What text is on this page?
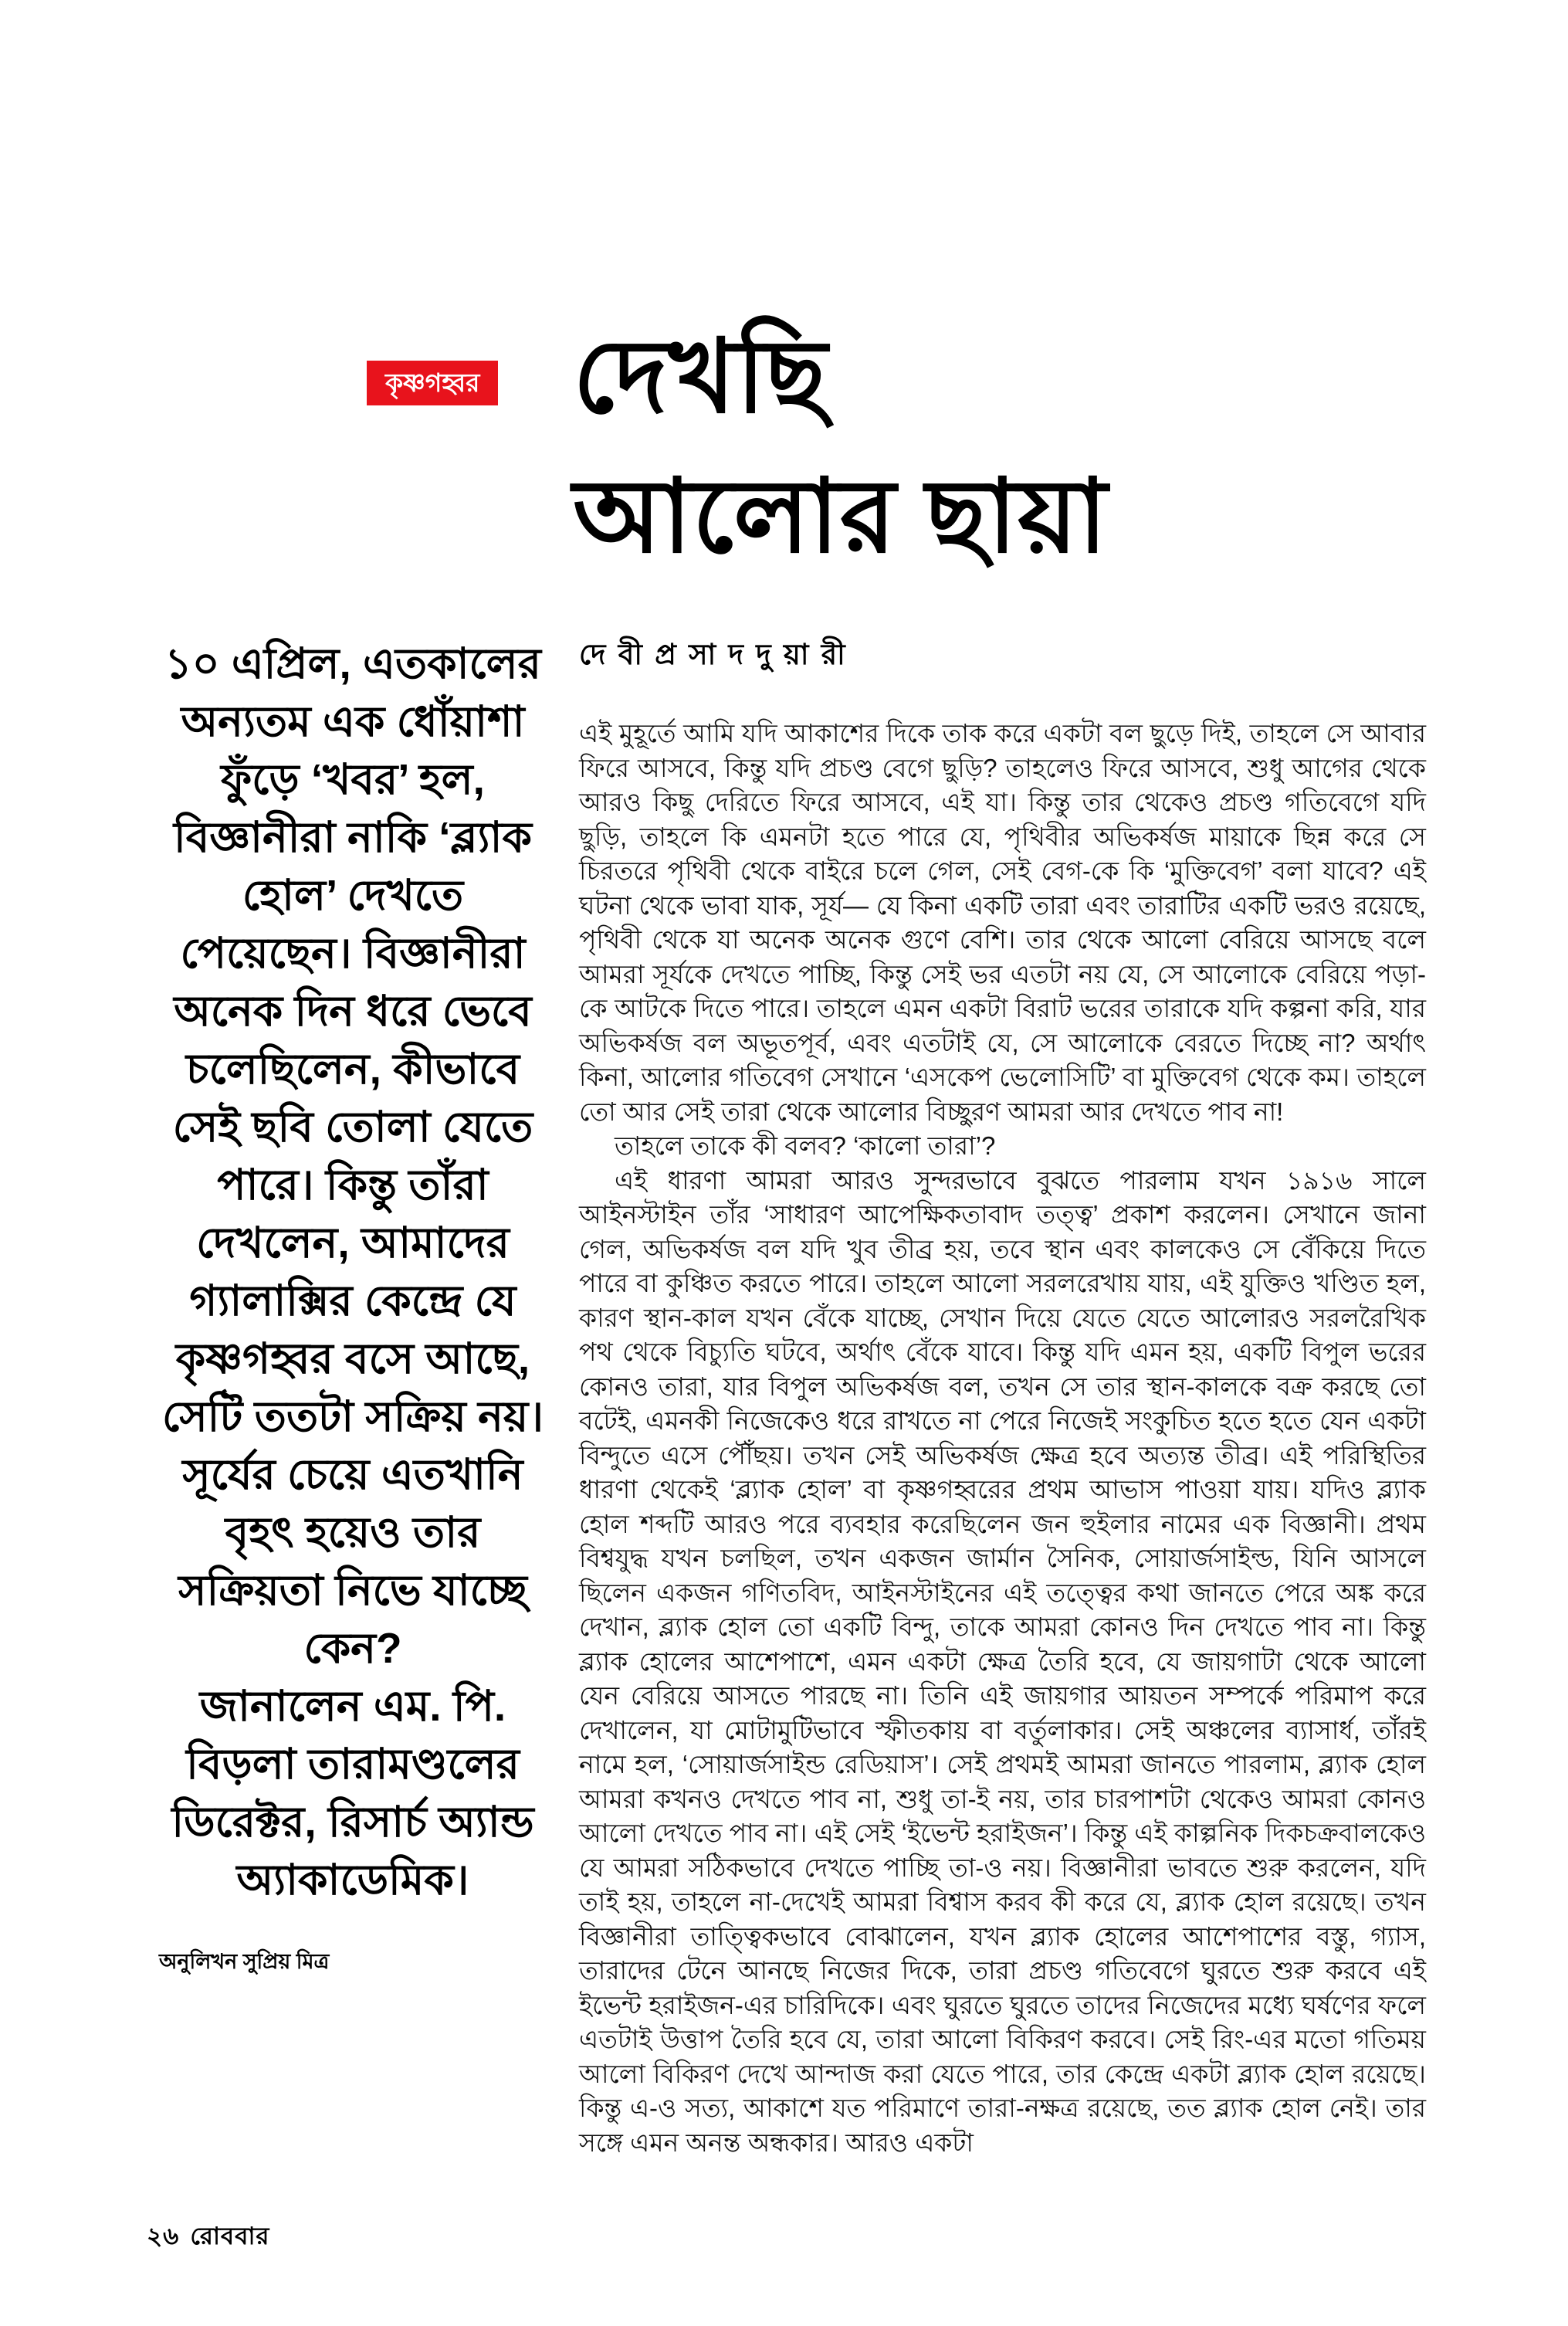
কৃষ্ণগহ্বর দেখছি
আলোর ছায়া
দে বী প্র সা দ দু য়া রী

১০ এপ্রিল, এতকালের অন্যতম এক ধোঁয়াশা ফুঁড়ে ‘খবর’ হল, বিজ্ঞানীরা নাকি ‘ব্ল্যাক হোল’ দেখতে পেয়েছেন। বিজ্ঞানীরা অনেক দিন ধরে ভেবে চলেছিলেন, কীভাবে সেই ছবি তোলা যেতে পারে। কিন্তু তাঁরা দেখলেন, আমাদের গ্যালাক্সির কেন্দ্রে যে কৃষ্ণগহ্বর বসে আছে, সেটি ততটা সক্রিয় নয়। সূর্যের চেয়ে এতখানি বৃহৎ হয়েও তার সক্রিয়তা নিভে যাচ্ছে কেন?

জানালেন এম. পি. বিড়লা তারামণ্ডলের ডিরেক্টর, রিসার্চ অ্যান্ড অ্যাকাডেমিক।

অনুলিখন সুপ্রিয় মিত্র

এই মুহূর্তে আমি যদি আকাশের দিকে তাক করে একটা বল ছুড়ে দিই, তাহলে সে আবার ফিরে আসবে, কিন্তু যদি প্রচণ্ড বেগে ছুড়ি? তাহলেও ফিরে আসবে, শুধু আগের থেকে আরও কিছু দেরিতে ফিরে আসবে, এই যা। কিন্তু তার থেকেও প্রচণ্ড গতিবেগে যদি ছুড়ি, তাহলে কি এমনটা হতে পারে যে, পৃথিবীর অভিকর্ষজ মায়াকে ছিন্ন করে সে চিরতরে পৃথিবী থেকে বাইরে চলে গেল, সেই বেগ-কে কি ‘মুক্তিবেগ’ বলা যাবে? এই ঘটনা থেকে ভাবা যাক, সূর্য— যে কিনা একটি তারা এবং তারাটির একটি ভরও রয়েছে, পৃথিবী থেকে যা অনেক অনেক গুণে বেশি। তার থেকে আলো বেরিয়ে আসছে বলে আমরা সূর্যকে দেখতে পাচ্ছি, কিন্তু সেই ভর এতটা নয় যে, সে আলোকে বেরিয়ে পড়া-কে আটকে দিতে পারে। তাহলে এমন একটা বিরাট ভরের তারাকে যদি কল্পনা করি, যার অভিকর্ষজ বল অভূতপূর্ব, এবং এতটাই যে, সে আলোকে বেরতে দিচ্ছে না? অর্থাৎ কিনা, আলোর গতিবেগ সেখানে ‘এসকেপ ভেলোসিটি’ বা মুক্তিবেগ থেকে কম। তাহলে তো আর সেই তারা থেকে আলোর বিচ্ছুরণ আমরা আর দেখতে পাব না!

তাহলে তাকে কী বলব? ‘কালো তারা’?

এই ধারণা আমরা আরও সুন্দরভাবে বুঝতে পারলাম যখন ১৯১৬ সালে আইনস্টাইন তাঁর ‘সাধারণ আপেক্ষিকতাবাদ তত্ত্ব’ প্রকাশ করলেন। সেখানে জানা গেল, অভিকর্ষজ বল যদি খুব তীব্র হয়, তবে স্থান এবং কালকেও সে বেঁকিয়ে দিতে পারে বা কুঞ্চিত করতে পারে। তাহলে আলো সরলরেখায় যায়, এই যুক্তিও খণ্ডিত হল, কারণ স্থান-কাল যখন বেঁকে যাচ্ছে, সেখান দিয়ে যেতে যেতে আলোরও সরলরৈখিক পথ থেকে বিচ্যুতি ঘটবে, অর্থাৎ বেঁকে যাবে। কিন্তু যদি এমন হয়, একটি বিপুল ভরের কোনও তারা, যার বিপুল অভিকর্ষজ বল, তখন সে তার স্থান-কালকে বক্র করছে তো বটেই, এমনকী নিজেকেও ধরে রাখতে না পেরে নিজেই সংকুচিত হতে হতে যেন একটা বিন্দুতে এসে পৌঁছয়। তখন সেই অভিকর্ষজ ক্ষেত্র হবে অত্যন্ত তীব্র। এই পরিস্থিতির ধারণা থেকেই ‘ব্ল্যাক হোল’ বা কৃষ্ণগহ্বরের প্রথম আভাস পাওয়া যায়। যদিও ব্ল্যাক হোল শব্দটি আরও পরে ব্যবহার করেছিলেন জন হুইলার নামের এক বিজ্ঞানী। প্রথম বিশ্বযুদ্ধ যখন চলছিল, তখন একজন জার্মান সৈনিক, সোয়ার্জসাইল্ড, যিনি আসলে ছিলেন একজন গণিতবিদ, আইনস্টাইনের এই তত্ত্বের কথা জানতে পেরে অঙ্ক করে দেখান, ব্ল্যাক হোল তো একটি বিন্দু, তাকে আমরা কোনও দিন দেখতে পাব না। কিন্তু ব্ল্যাক হোলের আশেপাশে, এমন একটা ক্ষেত্র তৈরি হবে, যে জায়গাটা থেকে আলো যেন বেরিয়ে আসতে পারছে না। তিনি এই জায়গার আয়তন সম্পর্কে পরিমাপ করে দেখালেন, যা মোটামুটিভাবে স্ফীতকায় বা বর্তুলাকার। সেই অঞ্চলের ব্যাসার্ধ, তাঁরই নামে হল, ‘সোয়ার্জসাইন্ড রেডিয়াস’। সেই প্রথমই আমরা জানতে পারলাম, ব্ল্যাক হোল আমরা কখনও দেখতে পাব না, শুধু তা-ই নয়, তার চারপাশটা থেকেও আমরা কোনও আলো দেখতে পাব না। এই সেই ‘ইভেন্ট হরাইজন’। কিন্তু এই কাল্পনিক দিকচক্রবালকেও যে আমরা সঠিকভাবে দেখতে পাচ্ছি তা-ও নয়। বিজ্ঞানীরা ভাবতে শুরু করলেন, যদি তাই হয়, তাহলে না-দেখেই আমরা বিশ্বাস করব কী করে যে, ব্ল্যাক হোল রয়েছে। তখন বিজ্ঞানীরা তাত্ত্বিকভাবে বোঝালেন, যখন ব্ল্যাক হোলের আশেপাশের বস্তু, গ্যাস, তারাদের টেনে আনছে নিজের দিকে, তারা প্রচণ্ড গতিবেগে ঘুরতে শুরু করবে এই ইভেন্ট হরাইজন-এর চারিদিকে। এবং ঘুরতে ঘুরতে তাদের নিজেদের মধ্যে ঘর্ষণের ফলে এতটাই উত্তাপ তৈরি হবে যে, তারা আলো বিকিরণ করবে। সেই রিং-এর মতো গতিময় আলো বিকিরণ দেখে আন্দাজ করা যেতে পারে, তার কেন্দ্রে একটা ব্ল্যাক হোল রয়েছে। কিন্তু এ-ও সত্য, আকাশে যত পরিমাণে তারা-নক্ষত্র রয়েছে, তত ব্ল্যাক হোল নেই। তার সঙ্গে এমন অনন্ত অন্ধকার। আরও একটা

২৬ রোববার
